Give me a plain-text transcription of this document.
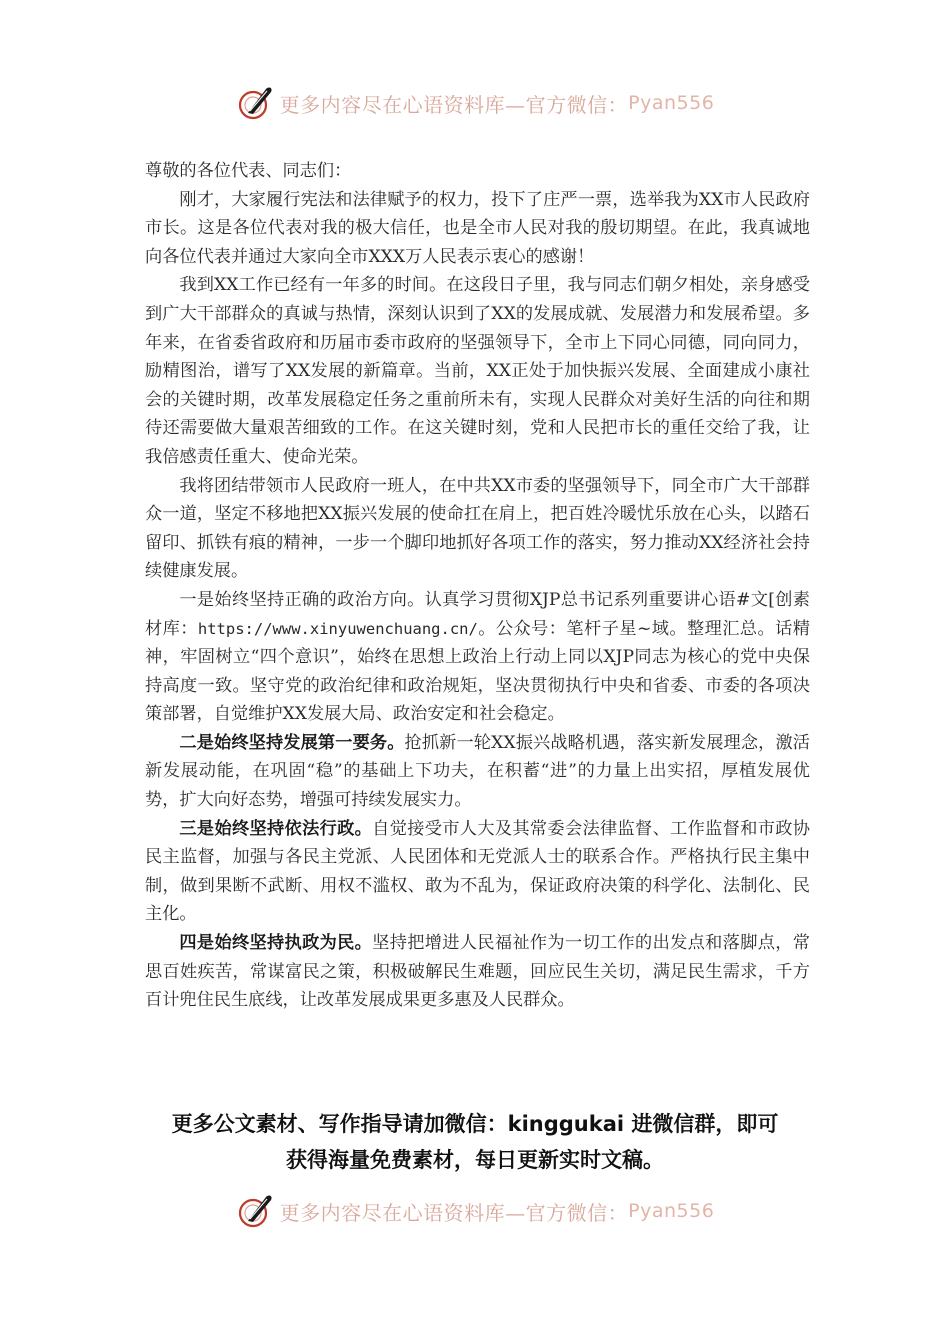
更多内容尽在心语资料库—官方微信： Pyan556

尊敬的各位代表、同志们：

刚才，大家履行宪法和法律赋予的权力，投下了庄严一票，选举我为XX市人民政府市长。这是各位代表对我的极大信任，也是全市人民对我的殷切期望。在此，我真诚地向各位代表并通过大家向全市XXX万人民表示衷心的感谢！

我到XX工作已经有一年多的时间。在这段日子里，我与同志们朝夕相处，亲身感受到广大干部群众的真诚与热情，深刻认识到了XX的发展成就、发展潜力和发展希望。多年来，在省委省政府和历届市委市政府的坚强领导下，全市上下同心同德，同向同力，励精图治，谱写了XX发展的新篇章。当前，XX正处于加快振兴发展、全面建成小康社会的关键时期，改革发展稳定任务之重前所未有，实现人民群众对美好生活的向往和期待还需要做大量艰苦细致的工作。在这关键时刻，党和人民把市长的重任交给了我，让我倍感责任重大、使命光荣。

我将团结带领市人民政府一班人，在中共XX市委的坚强领导下，同全市广大干部群众一道，坚定不移地把XX振兴发展的使命扛在肩上，把百姓冷暖忧乐放在心头，以踏石留印、抓铁有痕的精神，一步一个脚印地抓好各项工作的落实，努力推动XX经济社会持续健康发展。

一是始终坚持正确的政治方向。认真学习贯彻XJP总书记系列重要讲心语#文[创素材库：https://www.xinyuwenchuang.cn/。公众号：笔杆子星~域。整理汇总。话精神，牢固树立“四个意识”，始终在思想上政治上行动上同以XJP同志为核心的党中央保持高度一致。坚守党的政治纪律和政治规矩，坚决贯彻执行中央和省委、市委的各项决策部署，自觉维护XX发展大局、政治安定和社会稳定。

二是始终坚持发展第一要务。抢抓新一轮XX振兴战略机遇，落实新发展理念，激活新发展动能，在巩固“稳”的基础上下功夫，在积蓄“进”的力量上出实招，厚植发展优势，扩大向好态势，增强可持续发展实力。

三是始终坚持依法行政。自觉接受市人大及其常委会法律监督、工作监督和市政协民主监督，加强与各民主党派、人民团体和无党派人士的联系合作。严格执行民主集中制，做到果断不武断、用权不滥权、敢为不乱为，保证政府决策的科学化、法制化、民主化。

四是始终坚持执政为民。坚持把增进人民福祉作为一切工作的出发点和落脚点，常思百姓疾苦，常谋富民之策，积极破解民生难题，回应民生关切，满足民生需求，千方百计兜住民生底线，让改革发展成果更多惠及人民群众。

更多公文素材、写作指导请加微信：kinggukai 进微信群，即可
获得海量免费素材，每日更新实时文稿。
更多内容尽在心语资料库—官方微信： Pyan556
